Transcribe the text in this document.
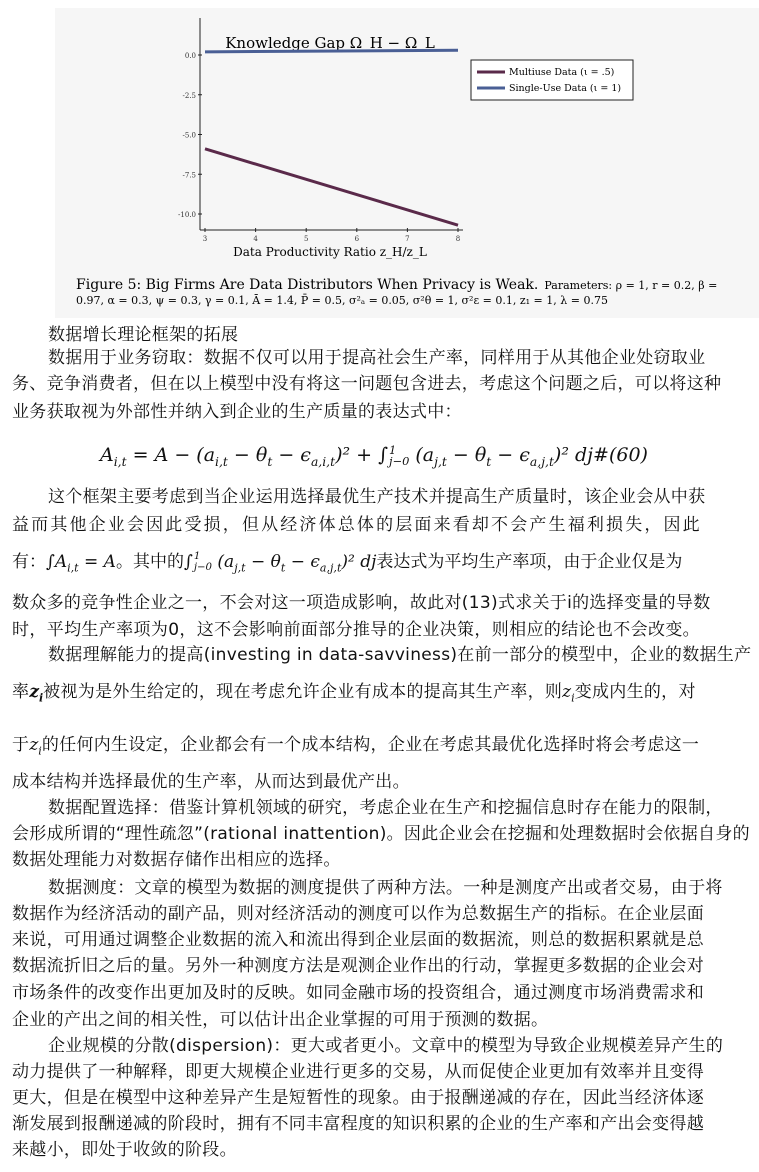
Knowledge Gap Ω_H − Ω_L
0.0
-2.5
-5.0
-7.5
-10.0
3	4	5	6	7	8
Data Productivity Ratio z_H/z_L
Multiuse Data (ι = .5)
Single-Use Data (ι = 1)
Figure 5: Big Firms Are Data Distributors When Privacy is Weak. Parameters: ρ = 1, r = 0.2, β =
0.97, α = 0.3, ψ = 0.3, γ = 0.1, Ā = 1.4, P̄ = 0.5, σ²ₐ = 0.05, σ²θ = 1, σ²ε = 0.1, z₁ = 1, λ = 0.75
数据增长理论框架的拓展
数据用于业务窃取：数据不仅可以用于提高社会生产率，同样用于从其他企业处窃取业
务、竞争消费者，但在以上模型中没有将这一问题包含进去，考虑这个问题之后，可以将这种
业务获取视为外部性并纳入到企业的生产质量的表达式中：
$A_{i,t} = A - (a_{i,t} - \theta_t - \epsilon_{a,i,t})^2$ + ∫ j−0
1 $(a_{j,t} - \theta_t - \epsilon_{a,j,t})^2$ dj#(60)
这个框架主要考虑到当企业运用选择最优生产技术并提高生产质量时，该企业会从中获
益而其他企业会因此受损，但从经济体总体的层面来看却不会产生福利损失，因此
有：$\int A_{i,t} = A$。其中的∫ j−0
1 $(a_{j,t} - \theta_t - \epsilon_{a,j,t})^2$ dj表达式为平均生产率项，由于企业仅是为
数众多的竞争性企业之一，不会对这一项造成影响，故此对(13)式求关于i的选择变量的导数
时，平均生产率项为0，这不会影响前面部分推导的企业决策，则相应的结论也不会改变。
数据理解能力的提高(investing in data-savviness)在前一部分的模型中，企业的数据生产
率$z_i$被视为是外生给定的，现在考虑允许企业有成本的提高其生产率，则$z_i$变成内生的，对
于$z_i$的任何内生设定，企业都会有一个成本结构，企业在考虑其最优化选择时将会考虑这一
成本结构并选择最优的生产率，从而达到最优产出。
数据配置选择：借鉴计算机领域的研究，考虑企业在生产和挖掘信息时存在能力的限制，
会形成所谓的“理性疏忽”(rational inattention)。因此企业会在挖掘和处理数据时会依据自身的
数据处理能力对数据存储作出相应的选择。
数据测度：文章的模型为数据的测度提供了两种方法。一种是测度产出或者交易，由于将
数据作为经济活动的副产品，则对经济活动的测度可以作为总数据生产的指标。在企业层面
来说，可用通过调整企业数据的流入和流出得到企业层面的数据流，则总的数据积累就是总
数据流折旧之后的量。另外一种测度方法是观测企业作出的行动，掌握更多数据的企业会对
市场条件的改变作出更加及时的反映。如同金融市场的投资组合，通过测度市场消费需求和
企业的产出之间的相关性，可以估计出企业掌握的可用于预测的数据。
企业规模的分散(dispersion)：更大或者更小。文章中的模型为导致企业规模差异产生的
动力提供了一种解释，即更大规模企业进行更多的交易，从而促使企业更加有效率并且变得
更大，但是在模型中这种差异产生是短暂性的现象。由于报酬递减的存在，因此当经济体逐
渐发展到报酬递减的阶段时，拥有不同丰富程度的知识积累的企业的生产率和产出会变得越
来越小，即处于收敛的阶段。
